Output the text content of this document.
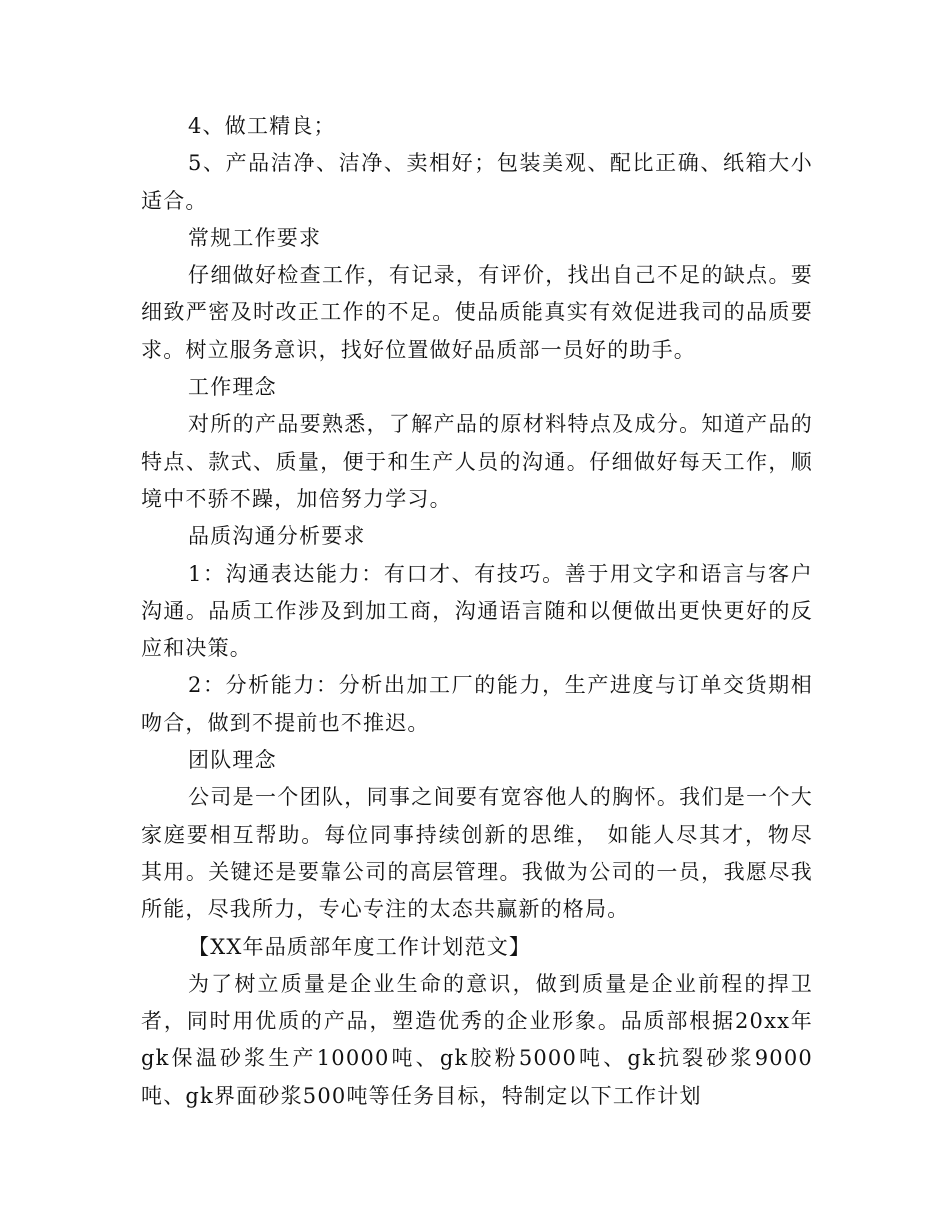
4、做工精良；

5、产品洁净、洁净、卖相好；包装美观、配比正确、纸箱大小适合。

常规工作要求

仔细做好检查工作，有记录，有评价，找出自己不足的缺点。要细致严密及时改正工作的不足。使品质能真实有效促进我司的品质要求。树立服务意识，找好位置做好品质部一员好的助手。

工作理念

对所的产品要熟悉，了解产品的原材料特点及成分。知道产品的特点、款式、质量，便于和生产人员的沟通。仔细做好每天工作，顺境中不骄不躁，加倍努力学习。

品质沟通分析要求

1：沟通表达能力：有口才、有技巧。善于用文字和语言与客户沟通。品质工作涉及到加工商，沟通语言随和以便做出更快更好的反应和决策。

2：分析能力：分析出加工厂的能力，生产进度与订单交货期相吻合，做到不提前也不推迟。

团队理念

公司是一个团队，同事之间要有宽容他人的胸怀。我们是一个大家庭要相互帮助。每位同事持续创新的思维， 如能人尽其才，物尽其用。关键还是要靠公司的高层管理。我做为公司的一员，我愿尽我所能，尽我所力，专心专注的太态共赢新的格局。

【XX年品质部年度工作计划范文】

为了树立质量是企业生命的意识，做到质量是企业前程的捍卫者，同时用优质的产品，塑造优秀的企业形象。品质部根据20xx年gk保温砂浆生产10000吨、gk胶粉5000吨、gk抗裂砂浆9000吨、gk界面砂浆500吨等任务目标，特制定以下工作计划
